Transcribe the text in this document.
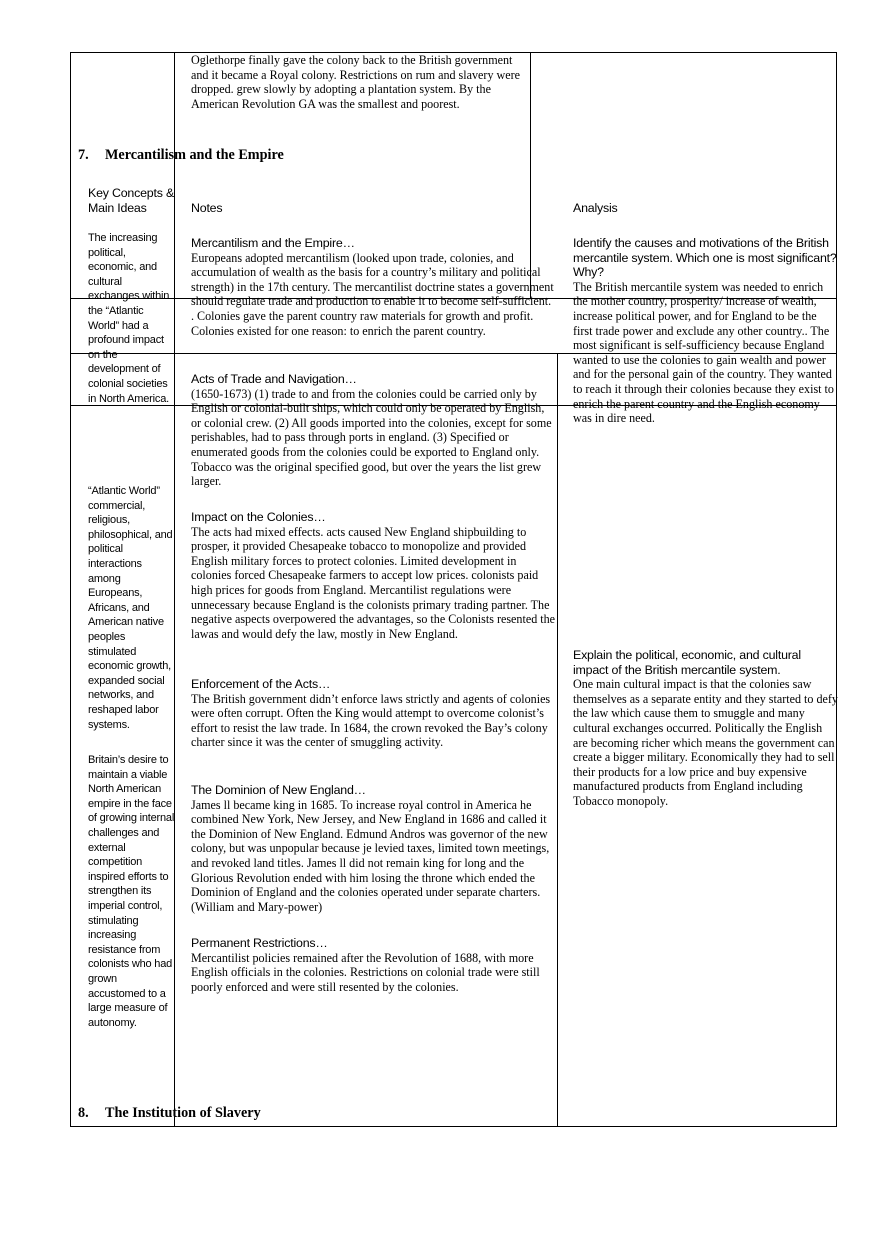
Oglethorpe finally gave the colony back to the British government and it became a Royal colony. Restrictions on rum and slavery were dropped. grew slowly by adopting a plantation system. By the American Revolution GA was the smallest and poorest.

7. Mercantilism and the Empire
Key Concepts & Main Ideas	Notes	Analysis

The increasing political, economic, and cultural exchanges within the “Atlantic World” had a profound impact on the development of colonial societies in North America.

“Atlantic World” commercial, religious, philosophical, and political interactions among Europeans, Africans, and American native peoples stimulated economic growth, expanded social networks, and reshaped labor systems.

Britain’s desire to maintain a viable North American empire in the face of growing internal challenges and external competition inspired efforts to strengthen its imperial control, stimulating increasing resistance from colonists who had grown accustomed to a large measure of autonomy.

Mercantilism and the Empire…
Europeans adopted mercantilism (looked upon trade, colonies, and accumulation of wealth as the basis for a country’s military and political strength) in the 17th century. The mercantilist doctrine states a government should regulate trade and production to enable it to become self-sufficient. . Colonies gave the parent country raw materials for growth and profit. Colonies existed for one reason: to enrich the parent country.
Acts of Trade and Navigation…
(1650-1673) (1) trade to and from the colonies could be carried only by English or colonial-built ships, which could only be operated by English, or colonial crew. (2) All goods imported into the colonies, except for some perishables, had to pass through ports in england. (3) Specified or enumerated goods from the colonies could be exported to England only. Tobacco was the original specified good, but over the years the list grew larger.
Impact on the Colonies…
The acts had mixed effects. acts caused New England shipbuilding to prosper, it provided Chesapeake tobacco to monopolize and provided English military forces to protect colonies. Limited development in colonies forced Chesapeake farmers to accept low prices. colonists paid high prices for goods from England. Mercantilist regulations were unnecessary because England is the colonists primary trading partner. The negative aspects overpowered the advantages, so the Colonists resented the lawas and would defy the law, mostly in New England.
Enforcement of the Acts…
The British government didn’t enforce laws strictly and agents of colonies were often corrupt. Often the King would attempt to overcome colonist’s effort to resist the law trade. In 1684, the crown revoked the Bay’s colony charter since it was the center of smuggling activity.
The Dominion of New England…
James ll became king in 1685. To increase royal control in America he combined New York, New Jersey, and New England in 1686 and called it the Dominion of New England. Edmund Andros was governor of the new colony, but was unpopular because je levied taxes, limited town meetings, and revoked land titles. James ll did not remain king for long and the Glorious Revolution ended with him losing the throne which ended the Dominion of England and the colonies operated under separate charters. (William and Mary-power)
Permanent Restrictions…
Mercantilist policies remained after the Revolution of 1688, with more English officials in the colonies. Restrictions on colonial trade were still poorly enforced and were still resented by the colonies.
Identify the causes and motivations of the British mercantile system. Which one is most significant? Why?
The British mercantile system was needed to enrich the mother country, prosperity/ increase of wealth, increase political power, and for England to be the first trade power and exclude any other country.. The most significant is self-sufficiency because England wanted to use the colonies to gain wealth and power and for the personal gain of the country. They wanted to reach it through their colonies because they exist to enrich the parent country and the English economy was in dire need.
Explain the political, economic, and cultural impact of the British mercantile system.
One main cultural impact is that the colonies saw themselves as a separate entity and they started to defy the law which cause them to smuggle and many cultural exchanges occurred. Politically the English are becoming richer which means the government can create a bigger military. Economically they had to sell their products for a low price and buy expensive manufactured products from England including Tobacco monopoly.
8. The Institution of Slavery
